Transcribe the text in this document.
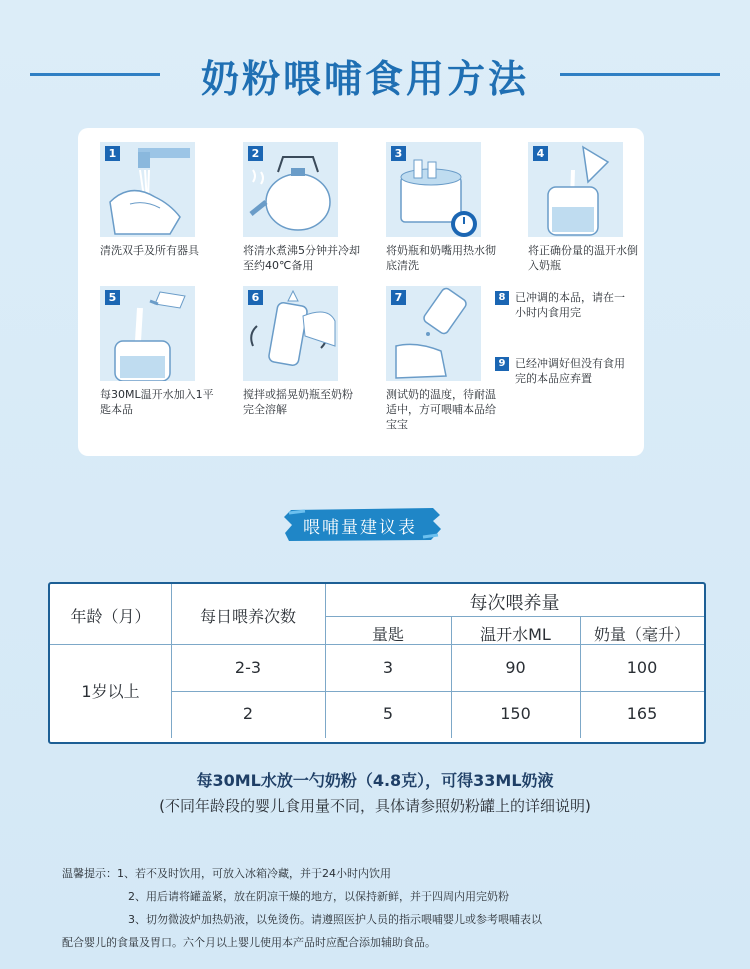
奶粉喂哺食用方法
1
清洗双手及所有器具
2
将清水煮沸5分钟并冷却至约40℃备用
3
将奶瓶和奶嘴用热水彻底清洗
4
将正确份量的温开水倒入奶瓶
5
每30ML温开水加入1平匙本品
6
搅拌或摇晃奶瓶至奶粉完全溶解
7
测试奶的温度，待耐温适中，方可喂哺本品给宝宝
8 已冲调的本品，请在一小时内食用完
9 已经冲调好但没有食用完的本品应弃置
喂哺量建议表
年龄（月）	每日喂养次数
每次喂养量
量匙	温开水ML	奶量（毫升）
1岁以上
2-3	3	90	100
2	5	150	165
每30ML水放一勺奶粉（4.8克），可得33ML奶液
(不同年龄段的婴儿食用量不同，具体请参照奶粉罐上的详细说明)
温馨提示：1、若不及时饮用，可放入冰箱冷藏，并于24小时内饮用
2、用后请将罐盖紧，放在阴凉干燥的地方，以保持新鲜，并于四周内用完奶粉
3、切勿微波炉加热奶液，以免烫伤。请遵照医护人员的指示喂哺婴儿或参考喂哺表以
配合婴儿的食量及胃口。六个月以上婴儿使用本产品时应配合添加辅助食品。
